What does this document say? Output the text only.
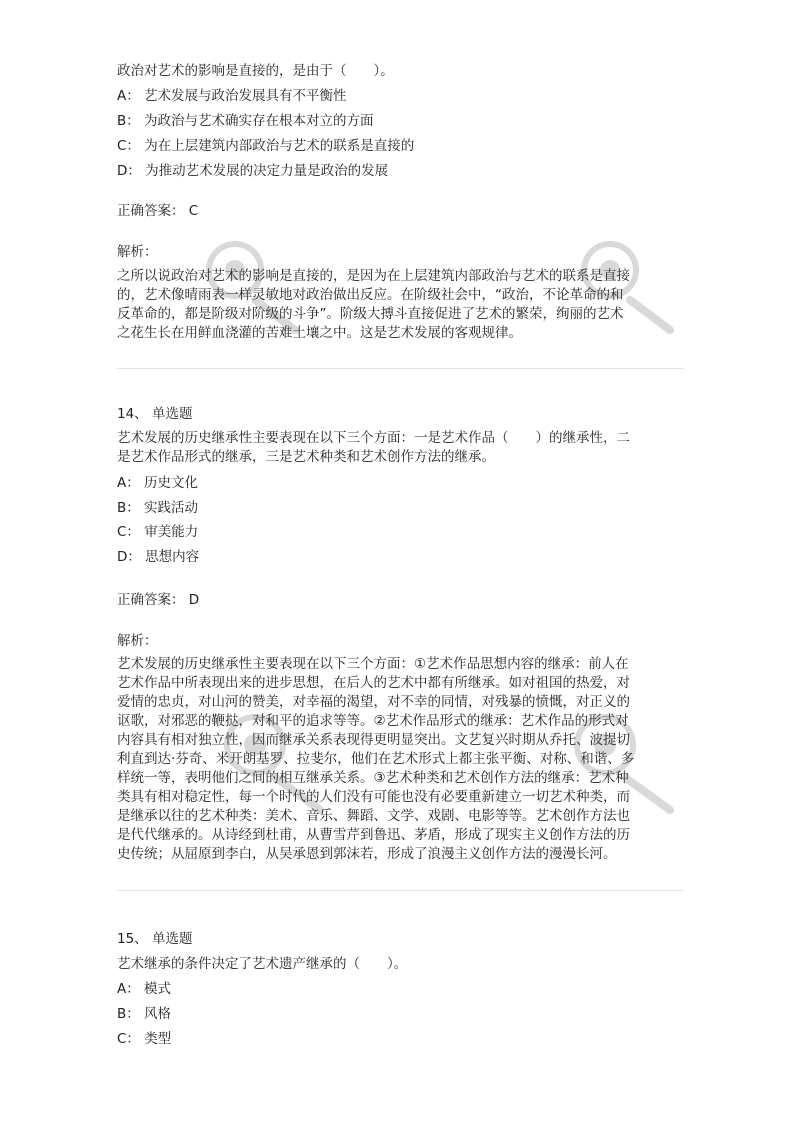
政治对艺术的影响是直接的，是由于（　　）。
A： 艺术发展与政治发展具有不平衡性
B： 为政治与艺术确实存在根本对立的方面
C： 为在上层建筑内部政治与艺术的联系是直接的
D： 为推动艺术发展的决定力量是政治的发展
正确答案： C
解析：
之所以说政治对艺术的影响是直接的，是因为在上层建筑内部政治与艺术的联系是直接
的，艺术像晴雨表一样灵敏地对政治做出反应。在阶级社会中，“政治，不论革命的和
反革命的，都是阶级对阶级的斗争”。阶级大搏斗直接促进了艺术的繁荣，绚丽的艺术
之花生长在用鲜血浇灌的苦难土壤之中。这是艺术发展的客观规律。
14、 单选题
艺术发展的历史继承性主要表现在以下三个方面：一是艺术作品（　　）的继承性，二
是艺术作品形式的继承，三是艺术种类和艺术创作方法的继承。
A： 历史文化
B： 实践活动
C： 审美能力
D： 思想内容
正确答案： D
解析：
艺术发展的历史继承性主要表现在以下三个方面：①艺术作品思想内容的继承：前人在
艺术作品中所表现出来的进步思想，在后人的艺术中都有所继承。如对祖国的热爱，对
爱情的忠贞，对山河的赞美，对幸福的渴望，对不幸的同情，对残暴的愤慨，对正义的
讴歌，对邪恶的鞭挞，对和平的追求等等。②艺术作品形式的继承：艺术作品的形式对
内容具有相对独立性，因而继承关系表现得更明显突出。文艺复兴时期从乔托、波提切
利直到达·芬奇、米开朗基罗、拉斐尔，他们在艺术形式上都主张平衡、对称、和谐、多
样统一等，表明他们之间的相互继承关系。③艺术种类和艺术创作方法的继承：艺术种
类具有相对稳定性，每一个时代的人们没有可能也没有必要重新建立一切艺术种类，而
是继承以往的艺术种类：美术、音乐、舞蹈、文学、戏剧、电影等等。艺术创作方法也
是代代继承的。从诗经到杜甫，从曹雪芹到鲁迅、茅盾，形成了现实主义创作方法的历
史传统；从屈原到李白，从吴承恩到郭沫若，形成了浪漫主义创作方法的漫漫长河。
15、 单选题
艺术继承的条件决定了艺术遗产继承的（　　）。
A： 模式
B： 风格
C： 类型
